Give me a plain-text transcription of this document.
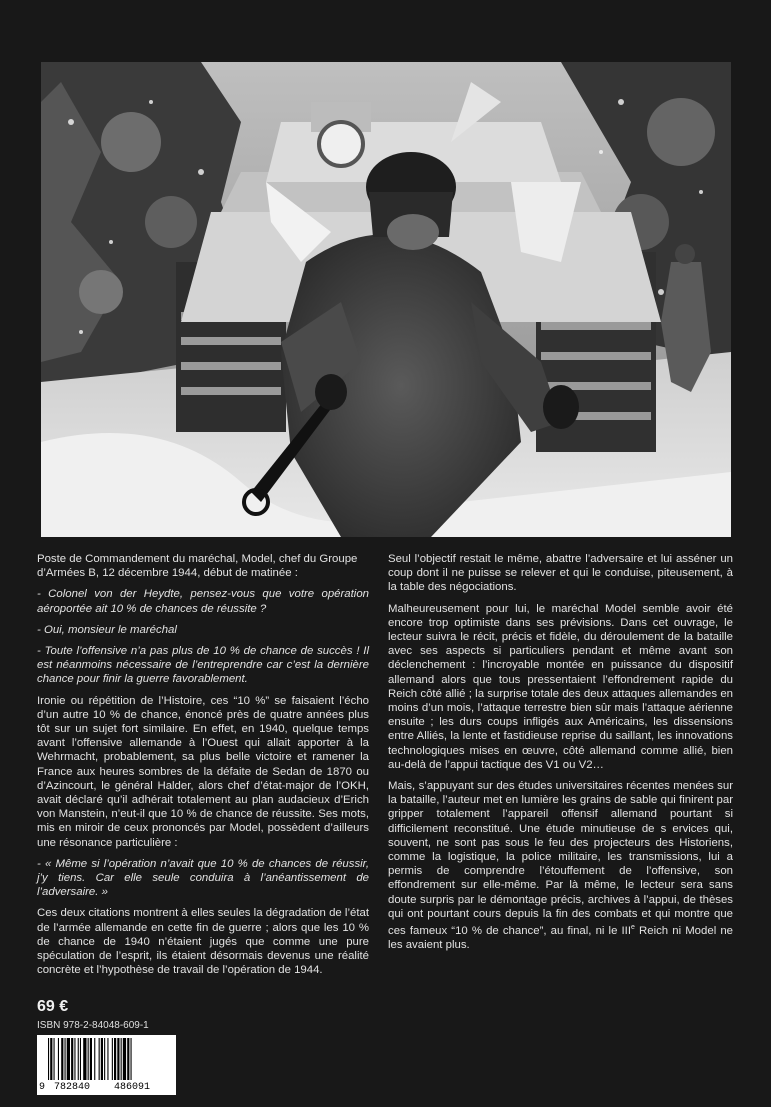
Poste de Commandement du maréchal, Model, chef du Groupe d’Armées B, 12 décembre 1944, début de matinée :

- Colonel von der Heydte, pensez-vous que votre opération aéroportée ait 10 % de chances de réussite ?

- Oui, monsieur le maréchal

- Toute l’offensive n’a pas plus de 10 % de chance de succès ! Il est néanmoins nécessaire de l’entreprendre car c’est la dernière chance pour finir la guerre favorablement.

Ironie ou répétition de l’Histoire, ces “10 %” se faisaient l’écho d’un autre 10 % de chance, énoncé près de quatre années plus tôt sur un sujet fort similaire. En effet, en 1940, quelque temps avant l’offensive allemande à l’Ouest qui allait apporter à la Wehrmacht, probablement, sa plus belle victoire et ramener la France aux heures sombres de la défaite de Sedan de 1870 ou d’Azincourt, le général Halder, alors chef d’état-major de l’OKH, avait déclaré qu’il adhérait totalement au plan audacieux d’Erich von Manstein, n’eut-il que 10 % de chance de réussite. Ses mots, mis en miroir de ceux prononcés par Model, possèdent d’ailleurs une résonance particulière :

- « Même si l’opération n’avait que 10 % de chances de réussir, j’y tiens. Car elle seule conduira à l’anéantissement de l’adversaire. »

Ces deux citations montrent à elles seules la dégradation de l’état de l’armée allemande en cette fin de guerre ; alors que les 10 % de chance de 1940 n’étaient jugés que comme une pure spéculation de l’esprit, ils étaient désormais devenus une réalité concrète et l’hypothèse de travail de l’opération de 1944.

Seul l’objectif restait le même, abattre l’adversaire et lui asséner un coup dont il ne puisse se relever et qui le conduise, piteusement, à la table des négociations.

Malheureusement pour lui, le maréchal Model semble avoir été encore trop optimiste dans ses prévisions. Dans cet ouvrage, le lecteur suivra le récit, précis et fidèle, du déroulement de la bataille avec ses aspects si particuliers pendant et même avant son déclenchement : l’incroyable montée en puissance du dispositif allemand alors que tous pressentaient l’effondrement rapide du Reich côté allié ; la surprise totale des deux attaques allemandes en moins d’un mois, l’attaque terrestre bien sûr mais l’attaque aérienne ensuite ; les durs coups infligés aux Américains, les dissensions entre Alliés, la lente et fastidieuse reprise du saillant, les innovations technologiques mises en œuvre, côté allemand comme allié, bien au-delà de l’appui tactique des V1 ou V2…

Mais, s’appuyant sur des études universitaires récentes menées sur la bataille, l’auteur met en lumière les grains de sable qui finirent par gripper totalement l’appareil offensif allemand pourtant si difficilement reconstitué. Une étude minutieuse de s ervices qui, souvent, ne sont pas sous le feu des projecteurs des Historiens, comme la logistique, la police militaire, les transmissions, lui a permis de comprendre l’étouffement de l’offensive, son effondrement sur elle-même. Par là même, le lecteur sera sans doute surpris par le démontage précis, archives à l’appui, de thèses qui ont pourtant cours depuis la fin des combats et qui montre que ces fameux “10 % de chance”, au final, ni le IIIe Reich ni Model ne les avaient plus.

69 €
ISBN 978-2-84048-609-1
9 782840 486091
